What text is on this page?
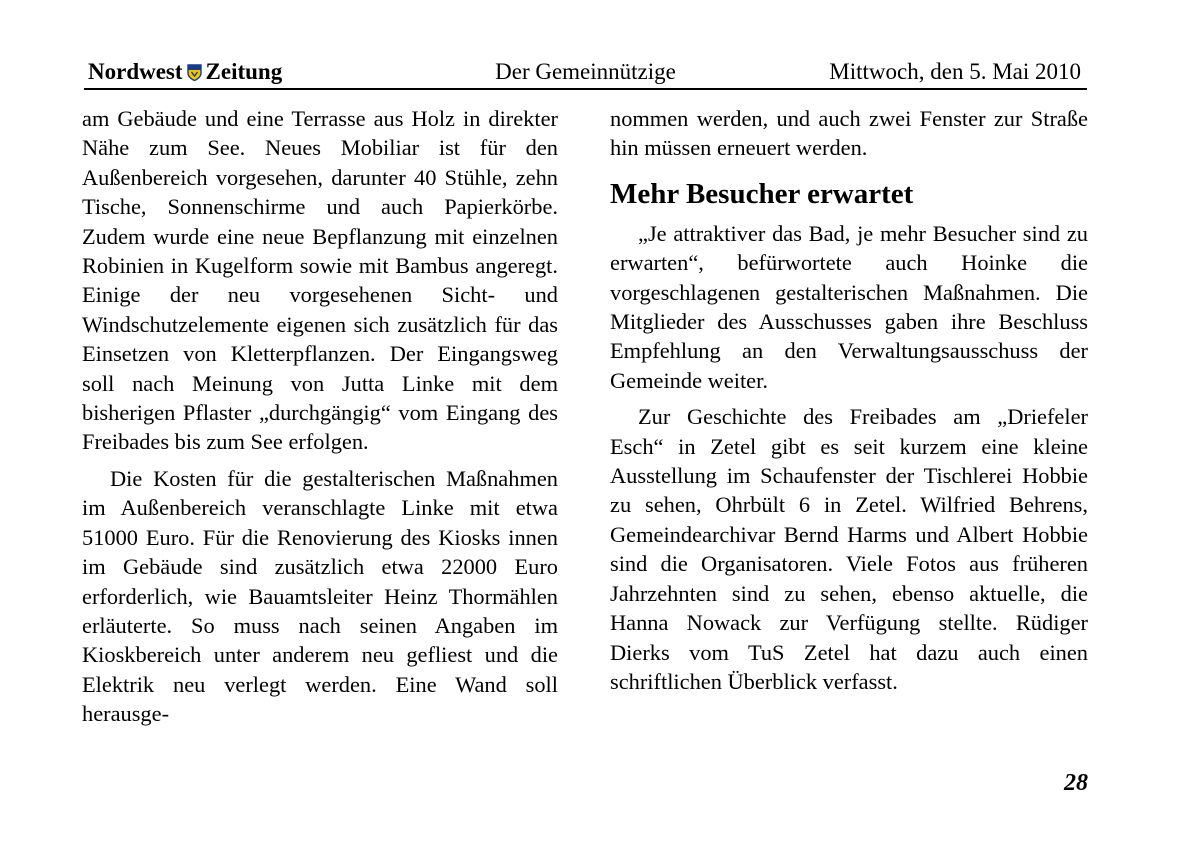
Nordwest Zeitung	Der Gemeinnützige	Mittwoch, den 5. Mai 2010

am Gebäude und eine Terrasse aus Holz in direkter Nähe zum See. Neues Mobiliar ist für den Außenbereich vorgesehen, darunter 40 Stühle, zehn Tische, Sonnenschirme und auch Papierkörbe. Zudem wurde eine neue Bepflanzung mit einzelnen Robinien in Kugelform sowie mit Bambus angeregt. Einige der neu vorgesehenen Sicht- und Windschutzelemente eigenen sich zusätzlich für das Einsetzen von Kletterpflanzen. Der Eingangsweg soll nach Meinung von Jutta Linke mit dem bisherigen Pflaster „durchgängig“ vom Eingang des Freibades bis zum See erfolgen.

Die Kosten für die gestalterischen Maßnahmen im Außenbereich veranschlagte Linke mit etwa 51000 Euro. Für die Renovierung des Kiosks innen im Gebäude sind zusätzlich etwa 22000 Euro erforderlich, wie Bauamtsleiter Heinz Thormählen erläuterte. So muss nach seinen Angaben im Kioskbereich unter anderem neu gefliest und die Elektrik neu verlegt werden. Eine Wand soll herausge-

nommen werden, und auch zwei Fenster zur Straße hin müssen erneuert werden.

Mehr Besucher erwartet

„Je attraktiver das Bad, je mehr Besucher sind zu erwarten“, befürwortete auch Hoinke die vorgeschlagenen gestalterischen Maßnahmen. Die Mitglieder des Ausschusses gaben ihre Beschluss Empfehlung an den Verwaltungsausschuss der Gemeinde weiter.

Zur Geschichte des Freibades am „Driefeler Esch“ in Zetel gibt es seit kurzem eine kleine Ausstellung im Schaufenster der Tischlerei Hobbie zu sehen, Ohrbült 6 in Zetel. Wilfried Behrens, Gemeindearchivar Bernd Harms und Albert Hobbie sind die Organisatoren. Viele Fotos aus früheren Jahrzehnten sind zu sehen, ebenso aktuelle, die Hanna Nowack zur Verfügung stellte. Rüdiger Dierks vom TuS Zetel hat dazu auch einen schriftlichen Überblick verfasst.

28
